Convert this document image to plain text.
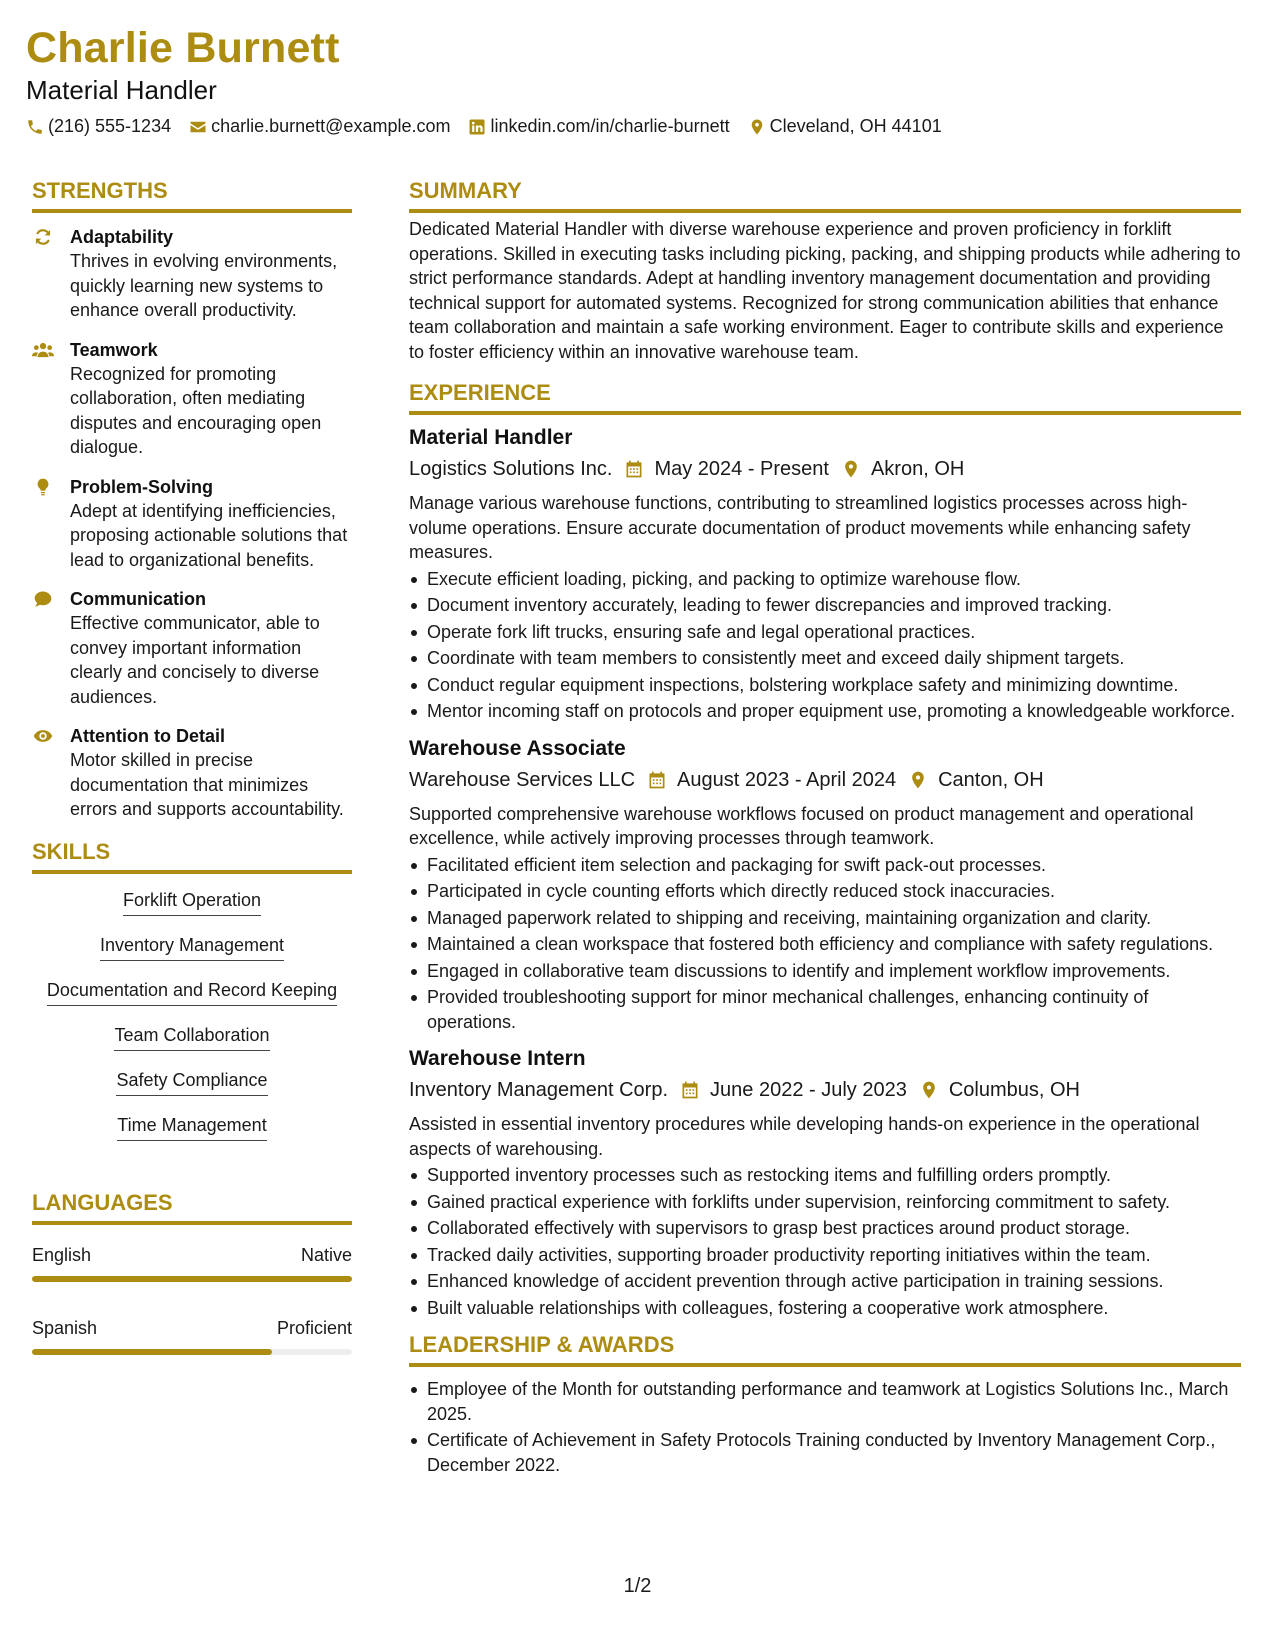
Charlie Burnett
Material Handler
(216) 555-1234 charlie.burnett@example.com linkedin.com/in/charlie-burnett Cleveland, OH 44101
STRENGTHS
Adaptability
Thrives in evolving environments, quickly learning new systems to enhance overall productivity.
Teamwork
Recognized for promoting collaboration, often mediating disputes and encouraging open dialogue.
Problem-Solving
Adept at identifying inefficiencies, proposing actionable solutions that lead to organizational benefits.
Communication
Effective communicator, able to convey important information clearly and concisely to diverse audiences.
Attention to Detail
Motor skilled in precise documentation that minimizes errors and supports accountability.
SKILLS
Forklift Operation
Inventory Management
Documentation and Record Keeping
Team Collaboration
Safety Compliance
Time Management
LANGUAGES
English	Native
Spanish	Proficient
SUMMARY
Dedicated Material Handler with diverse warehouse experience and proven proficiency in forklift operations. Skilled in executing tasks including picking, packing, and shipping products while adhering to strict performance standards. Adept at handling inventory management documentation and providing technical support for automated systems. Recognized for strong communication abilities that enhance team collaboration and maintain a safe working environment. Eager to contribute skills and experience to foster efficiency within an innovative warehouse team.
EXPERIENCE
Material Handler
Logistics Solutions Inc. May 2024 - Present Akron, OH
Manage various warehouse functions, contributing to streamlined logistics processes across high-volume operations. Ensure accurate documentation of product movements while enhancing safety measures.
Execute efficient loading, picking, and packing to optimize warehouse flow.
Document inventory accurately, leading to fewer discrepancies and improved tracking.
Operate fork lift trucks, ensuring safe and legal operational practices.
Coordinate with team members to consistently meet and exceed daily shipment targets.
Conduct regular equipment inspections, bolstering workplace safety and minimizing downtime.
Mentor incoming staff on protocols and proper equipment use, promoting a knowledgeable workforce.
Warehouse Associate
Warehouse Services LLC August 2023 - April 2024 Canton, OH
Supported comprehensive warehouse workflows focused on product management and operational excellence, while actively improving processes through teamwork.
Facilitated efficient item selection and packaging for swift pack-out processes.
Participated in cycle counting efforts which directly reduced stock inaccuracies.
Managed paperwork related to shipping and receiving, maintaining organization and clarity.
Maintained a clean workspace that fostered both efficiency and compliance with safety regulations.
Engaged in collaborative team discussions to identify and implement workflow improvements.
Provided troubleshooting support for minor mechanical challenges, enhancing continuity of operations.
Warehouse Intern
Inventory Management Corp. June 2022 - July 2023 Columbus, OH
Assisted in essential inventory procedures while developing hands-on experience in the operational aspects of warehousing.
Supported inventory processes such as restocking items and fulfilling orders promptly.
Gained practical experience with forklifts under supervision, reinforcing commitment to safety.
Collaborated effectively with supervisors to grasp best practices around product storage.
Tracked daily activities, supporting broader productivity reporting initiatives within the team.
Enhanced knowledge of accident prevention through active participation in training sessions.
Built valuable relationships with colleagues, fostering a cooperative work atmosphere.
LEADERSHIP & AWARDS
Employee of the Month for outstanding performance and teamwork at Logistics Solutions Inc., March 2025.
Certificate of Achievement in Safety Protocols Training conducted by Inventory Management Corp., December 2022.
1/2
